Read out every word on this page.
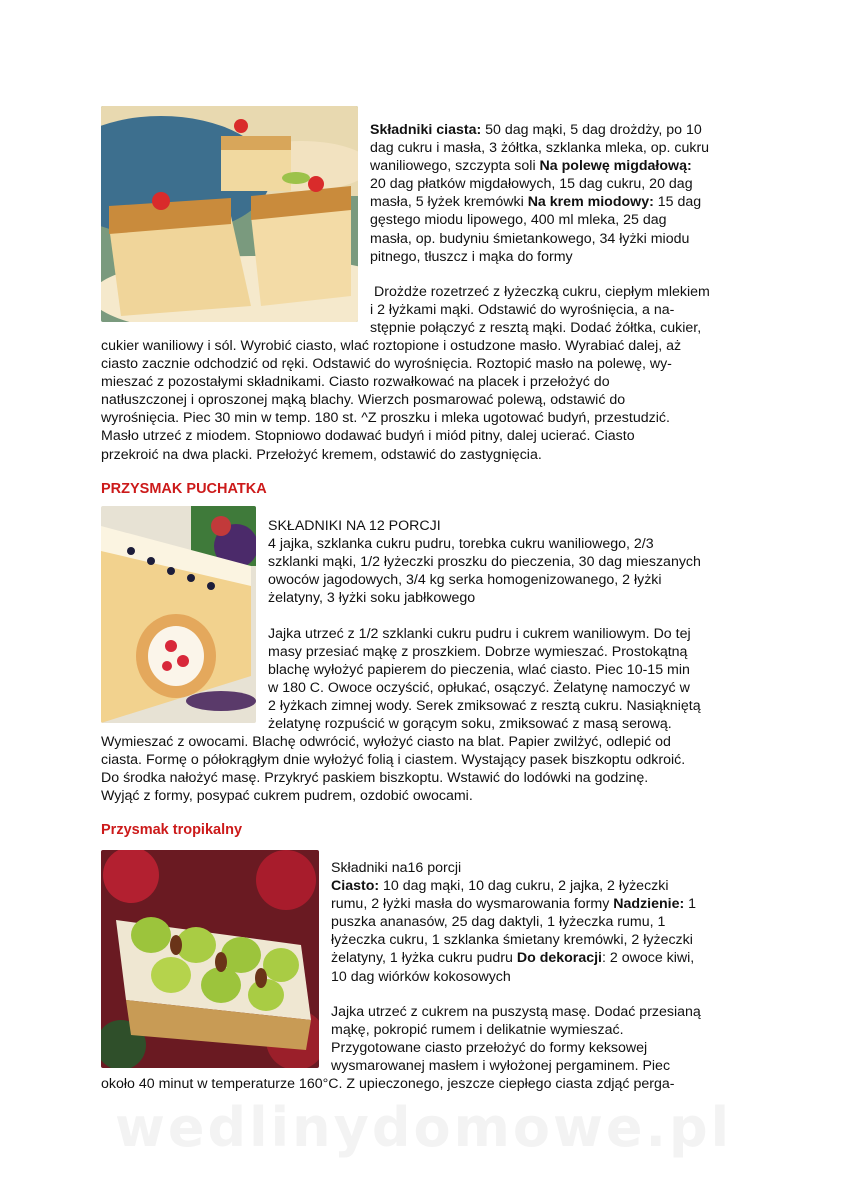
Składniki ciasta: 50 dag mąki, 5 dag drożdży, po 10
dag cukru i masła, 3 żółtka, szklanka mleka, op. cukru
waniliowego, szczypta soli Na polewę migdałową:
20 dag płatków migdałowych, 15 dag cukru, 20 dag
masła, 5 łyżek kremówki Na krem miodowy: 15 dag
gęstego miodu lipowego, 400 ml mleka, 25 dag
masła, op. budyniu śmietankowego, 34 łyżki miodu
pitnego, tłuszcz i mąka do formy

Drożdże rozetrzeć z łyżeczką cukru, ciepłym mlekiem
i 2 łyżkami mąki. Odstawić do wyrośnięcia, a na-
stępnie połączyć z resztą mąki. Dodać żółtka, cukier,

cukier waniliowy i sól. Wyrobić ciasto, wlać roztopione i ostudzone masło. Wyrabiać dalej, aż
ciasto zacznie odchodzić od ręki. Odstawić do wyrośnięcia. Roztopić masło na polewę, wy-
mieszać z pozostałymi składnikami. Ciasto rozwałkować na placek i przełożyć do
natłuszczonej i oproszonej mąką blachy. Wierzch posmarować polewą, odstawić do
wyrośnięcia. Piec 30 min w temp. 180 st. ^Z proszku i mleka ugotować budyń, przestudzić.
Masło utrzeć z miodem. Stopniowo dodawać budyń i miód pitny, dalej ucierać. Ciasto
przekroić na dwa placki. Przełożyć kremem, odstawić do zastygnięcia.

PRZYSMAK PUCHATKA

SKŁADNIKI NA 12 PORCJI
4 jajka, szklanka cukru pudru, torebka cukru waniliowego, 2/3
szklanki mąki, 1/2 łyżeczki proszku do pieczenia, 30 dag mieszanych
owoców jagodowych, 3/4 kg serka homogenizowanego, 2 łyżki
żelatyny, 3 łyżki soku jabłkowego

Jajka utrzeć z 1/2 szklanki cukru pudru i cukrem waniliowym. Do tej
masy przesiać mąkę z proszkiem. Dobrze wymieszać. Prostokątną
blachę wyłożyć papierem do pieczenia, wlać ciasto. Piec 10-15 min
w 180 C. Owoce oczyścić, opłukać, osączyć. Żelatynę namoczyć w
2 łyżkach zimnej wody. Serek zmiksować z resztą cukru. Nasiąkniętą
żelatynę rozpuścić w gorącym soku, zmiksować z masą serową.

Wymieszać z owocami. Blachę odwrócić, wyłożyć ciasto na blat. Papier zwilżyć, odlepić od
ciasta. Formę o półokrągłym dnie wyłożyć folią i ciastem. Wystający pasek biszkoptu odkroić.
Do środka nałożyć masę. Przykryć paskiem biszkoptu. Wstawić do lodówki na godzinę.
Wyjąć z formy, posypać cukrem pudrem, ozdobić owocami.

Przysmak tropikalny

Składniki na16 porcji
Ciasto: 10 dag mąki, 10 dag cukru, 2 jajka, 2 łyżeczki
rumu, 2 łyżki masła do wysmarowania formy Nadzienie: 1
puszka ananasów, 25 dag daktyli, 1 łyżeczka rumu, 1
łyżeczka cukru, 1 szklanka śmietany kremówki, 2 łyżeczki
żelatyny, 1 łyżka cukru pudru Do dekoracji: 2 owoce kiwi,
10 dag wiórków kokosowych

Jajka utrzeć z cukrem na puszystą masę. Dodać przesianą
mąkę, pokropić rumem i delikatnie wymieszać.
Przygotowane ciasto przełożyć do formy keksowej
wysmarowanej masłem i wyłożonej pergaminem. Piec

około 40 minut w temperaturze 160°C. Z upieczonego, jeszcze ciepłego ciasta zdjąć perga-

wedlinydomowe.pl
